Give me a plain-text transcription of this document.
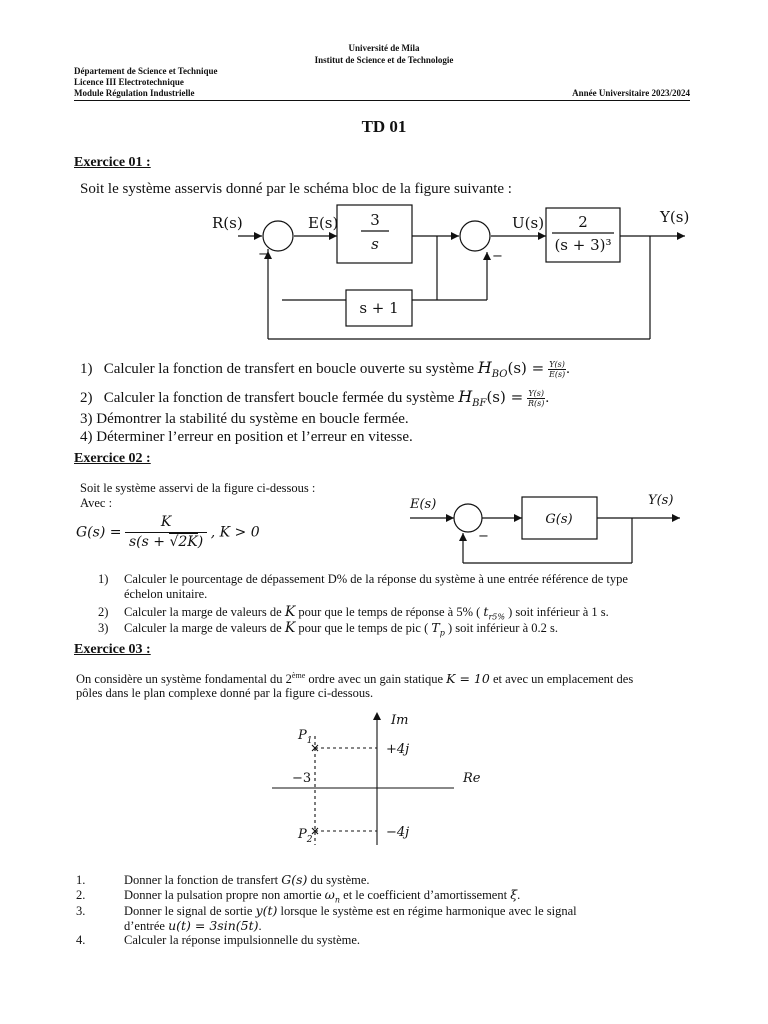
Université de Mila
Institut de Science et de Technologie
Département de Science et Technique
Licence III Electrotechnique
Module Régulation Industrielle	Année Universitaire 2023/2024
TD 01
Exercice 01 :
Soit le système asservis donné par le schéma bloc de la figure suivante :
R(s)	E(s) 3
s
U(s) 2
(s + 3)³
Y(s)
s + 1
−	−
1) Calculer la fonction de transfert en boucle ouverte su système $H_{BO}(s) = \frac{Y(s)}{E(s)}$ .
2) Calculer la fonction de transfert boucle fermée du système $H_{BF}(s) = \frac{Y(s)}{R(s)}$ .
3) Démontrer la stabilité du système en boucle fermée.
4) Déterminer l’erreur en position et l’erreur en vitesse.
Exercice 02 :
Soit le système asservi de la figure ci-dessous :
Avec :
$G(s) = \frac{K}{s(s + √2K)}$ , K > 0
E(s)
G(s)
Y(s)
−
1) Calculer le pourcentage de dépassement D% de la réponse du système à une entrée référence de type
échelon unitaire.
2) Calculer la marge de valeurs de K pour que le temps de réponse à 5% ( $t_{r5\%}$ ) soit inférieur à 1 s.
3) Calculer la marge de valeurs de K pour que le temps de pic ( $T_p$ ) soit inférieur à 0.2 s.
Exercice 03 :
On considère un système fondamental du 2ème ordre avec un gain statique K = 10 et avec un emplacement des
pôles dans le plan complexe donné par la figure ci-dessous.
Im
Re
$P_1$
$P_2$
+4j
−4j
−3
1.	Donner la fonction de transfert G(s) du système.
2.	Donner la pulsation propre non amortie $\omega_n$ et le coefficient d’amortissement ξ.
3.	Donner le signal de sortie y(t) lorsque le système est en régime harmonique avec le signal
d’entrée u(t) = 3sin(5t).
4.	Calculer la réponse impulsionnelle du système.
